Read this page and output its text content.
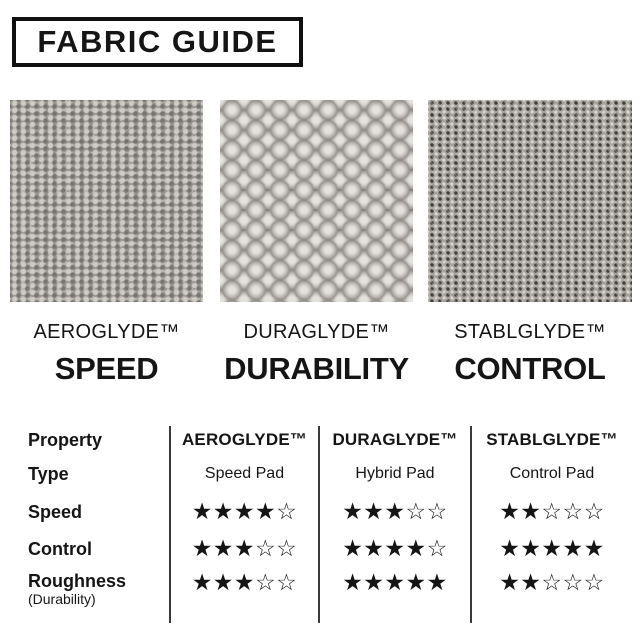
FABRIC GUIDE
AEROGLYDE™
SPEED
DURAGLYDE™
DURABILITY
STABLGLYDE™
CONTROL
Property
Type
Speed
Control
Roughness
(Durability)
AEROGLYDE™
Speed Pad
★★★★☆
★★★☆☆
★★★☆☆
DURAGLYDE™
Hybrid Pad
★★★☆☆
★★★★☆
★★★★★
STABLGLYDE™
Control Pad
★★☆☆☆
★★★★★
★★☆☆☆
